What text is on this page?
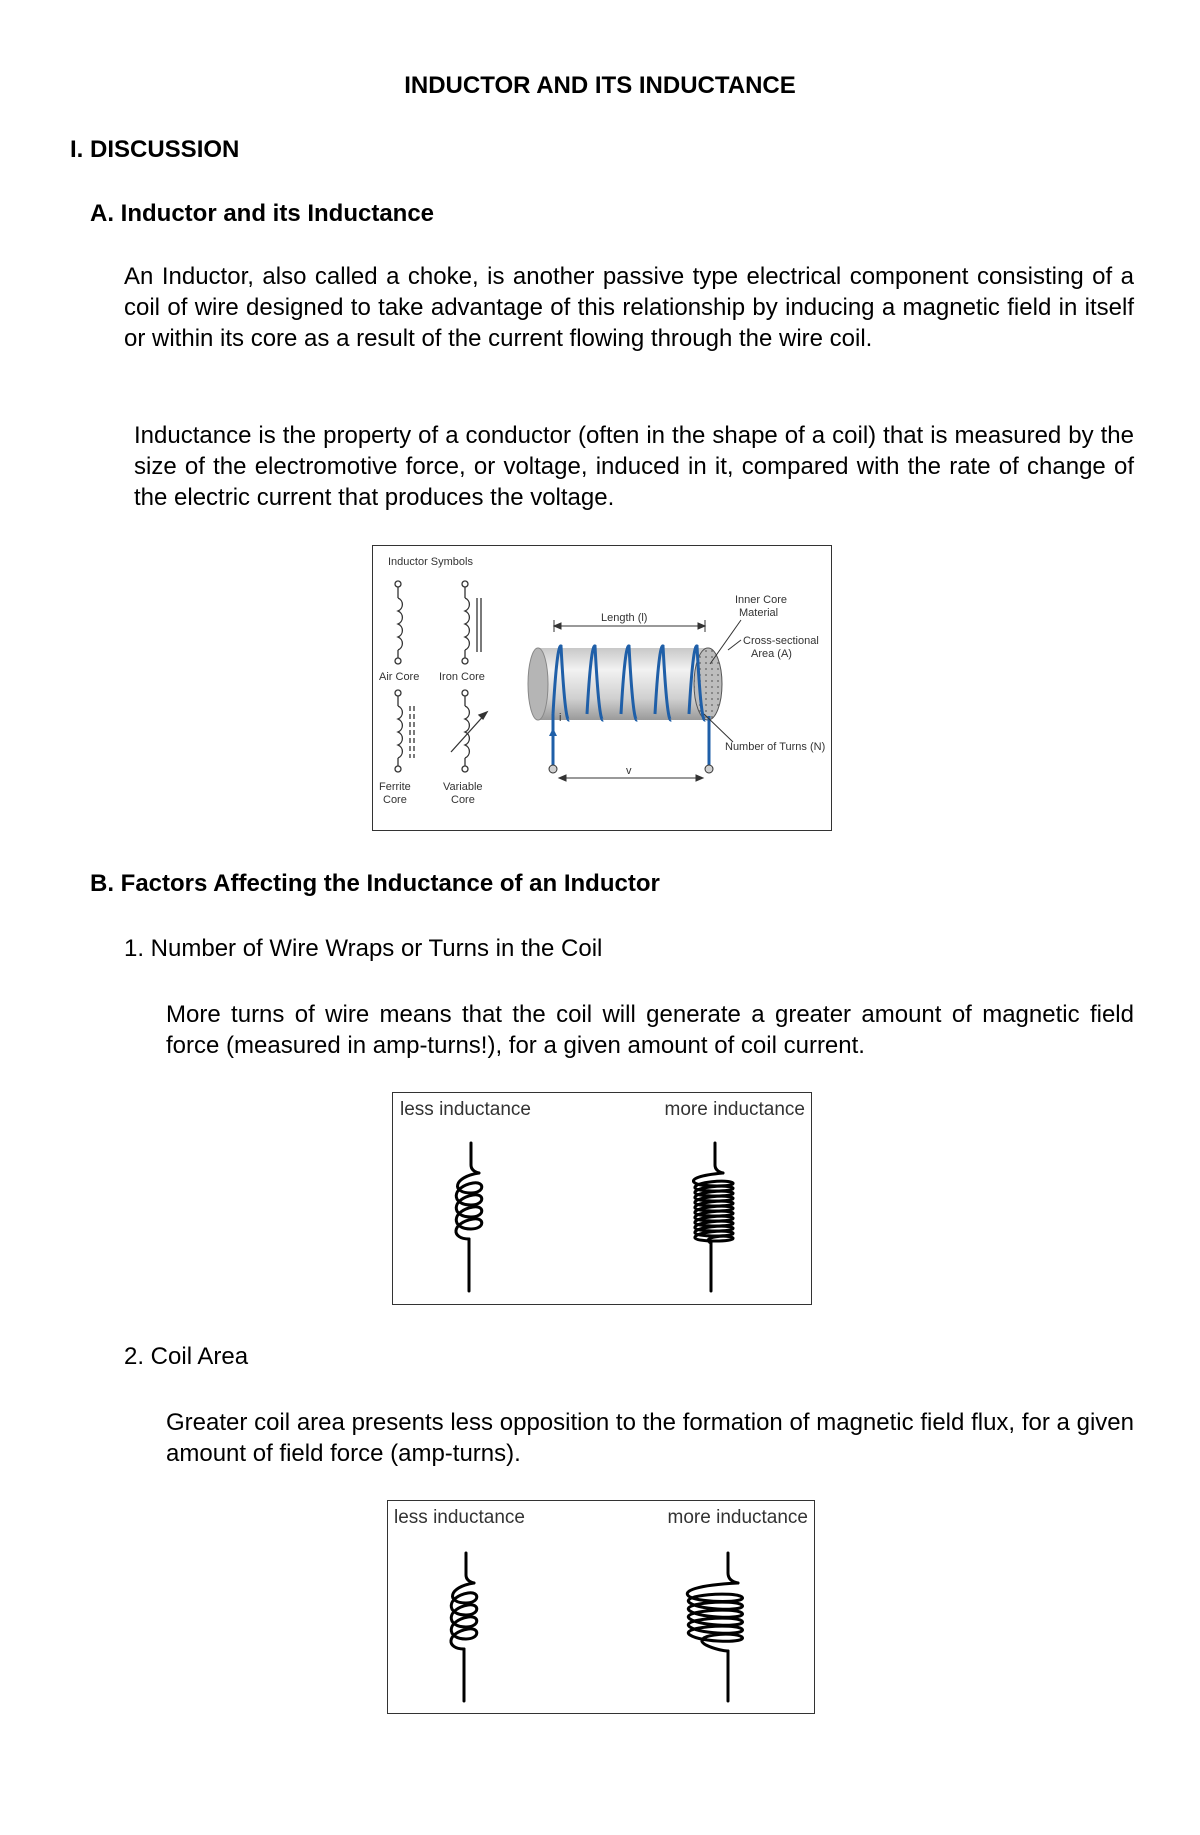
INDUCTOR AND ITS INDUCTANCE
I. DISCUSSION
A. Inductor and its Inductance
An Inductor, also called a choke, is another passive type electrical component consisting of a coil of wire designed to take advantage of this relationship by inducing a magnetic field in itself or within its core as a result of the current flowing through the wire coil.
Inductance is the property of a conductor (often in the shape of a coil) that is measured by the size of the electromotive force, or voltage, induced in it, compared with the rate of change of the electric current that produces the voltage.
Inductor Symbols
Air Core Iron Core
Ferrite
Core
Variable
Core
i
v
Length (l)
Inner Core
Material
Cross-sectional
Area (A)
Number of Turns (N)
B. Factors Affecting the Inductance of an Inductor
1. Number of Wire Wraps or Turns in the Coil
More turns of wire means that the coil will generate a greater amount of magnetic field force (measured in amp-turns!), for a given amount of coil current.
less inductance	more inductance
2. Coil Area
Greater coil area presents less opposition to the formation of magnetic field flux, for a given amount of field force (amp-turns).
less inductance	more inductance
